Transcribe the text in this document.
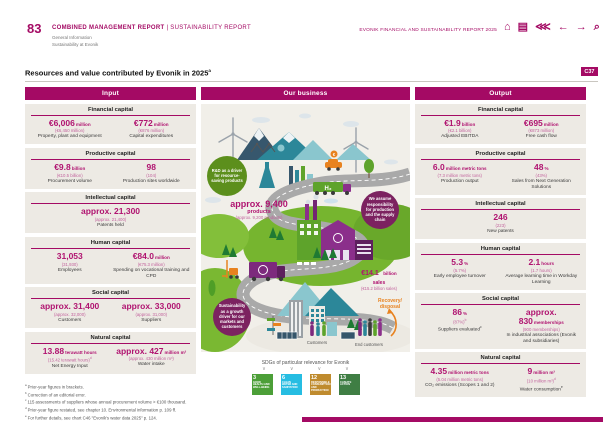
83 COMBINED MANAGEMENT REPORT | SUSTAINABILITY REPORT
General Information
Sustainability at Evonik
EVONIK FINANCIAL AND SUSTAINABILITY REPORT 2025 ⌂ ▤ ⋘ ← → ⌕
Resources and value contributed by Evonik in 2025$^a$	C37
Input
Financial capital
€6,006million
(€6,450 million)
Property, plant and equipment
€772million
(€876 million)
Capital expenditures
Productive capital
€9.8billion
(€10.5 billion)
Procurement volume
98
(104)
Production sites worldwide
Intellectual capital
approx. 21,300
(approx. 21,400)
Patents held
Human capital
31,053
(31,930)
Employees
€84.0million
(€75.3 million)
Spending on vocational training and CPD
Social capital
approx. 31,400
(approx. 32,000)
Customers
approx. 33,000
(approx. 31,000)
Suppliers
Natural capital
13.88terawatt hours
(15.42 terawatt hours)$^d$
Net Energy Input
approx. 427million m³
(approx. 430 million m³)
Water intake
Our business
H₂
€
R&D as a driver for resource-saving products
We assume responsibility for production and the supply chain
Sustainability as a growth driver for our markets and customers
approx. 9,400
products
(approx. 9,200 products)
€14.1 billion
sales
(€15.2 billion sales)
Recovery/
disposal
Customers	End customers
SDGs of particular relevance for Evonik
∨	∨	∨	∨
3
GOOD HEALTH AND WELL-BEING
6
CLEAN WATER AND SANITATION
12
RESPONSIBLE CONSUMPTION AND PRODUCTION
13
CLIMATE ACTION
Output
Financial capital
€1.9billion
(€2.1 billion)
Adjusted EBITDA
€695million
(€873 million)
Free cash flow
Productive capital
6.0million metric tons
(7.3 million metric tons)
Production output
48%
(43%)
Sales from Next Generation Solutions
Intellectual capital
246
(223)
New patents
Human capital
5.3%
(5.7%)
Early employee turnover
2.1hours
(1.7 hours)
Average learning time in Workday Learning
Social capital
86%
$(87\%)^b$
Suppliers evaluated$^c$
approx. 830memberships
(900 memberships)
In industrial associations (Evonik and subsidiaries)
Natural capital
4.35million metric tons
(5.04 million metric tons)
CO₂ emissions (Scopes 1 and 2)
9million m³
(10 million m³)$^d$
Water consumption$^e$
$^a$Prior-year figures in brackets.
$^b$Correction of an editorial error.
$^c$115 assessments of suppliers whose annual procurement volume > €100 thousand.
$^d$Prior-year figure restated, see chapter 10. Environmental information p. 109 ff.
$^e$For further details, see chart C46 "Evonik's water data 2025" p. 124.
